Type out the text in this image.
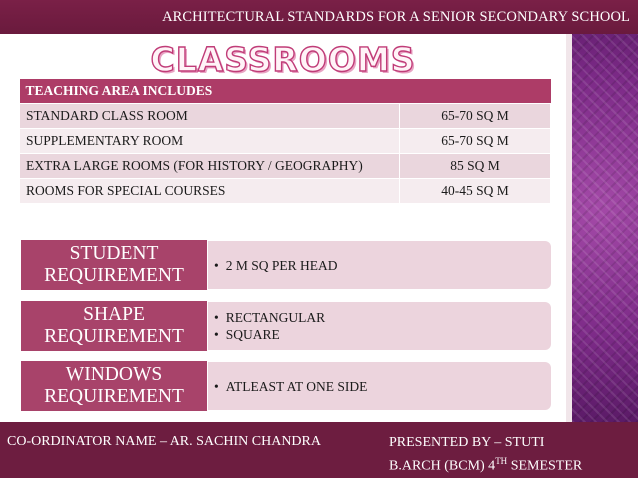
ARCHITECTURAL STANDARDS FOR A SENIOR SECONDARY SCHOOL
CLASSROOMS
TEACHING AREA INCLUDES	
STANDARD CLASS ROOM	65-70 SQ M
SUPPLEMENTARY ROOM	65-70 SQ M
EXTRA LARGE ROOMS (FOR HISTORY / GEOGRAPHY)	85 SQ M
ROOMS FOR SPECIAL COURSES	40-45 SQ M
• 2 M SQ PER HEAD
STUDENT
REQUIREMENT
• RECTANGULAR
• SQUARE
SHAPE
REQUIREMENT
• ATLEAST AT ONE SIDE
WINDOWS
REQUIREMENT
CO-ORDINATOR NAME – AR. SACHIN CHANDRA	PRESENTED BY – STUTI
B.ARCH (BCM) 4TH SEMESTER
